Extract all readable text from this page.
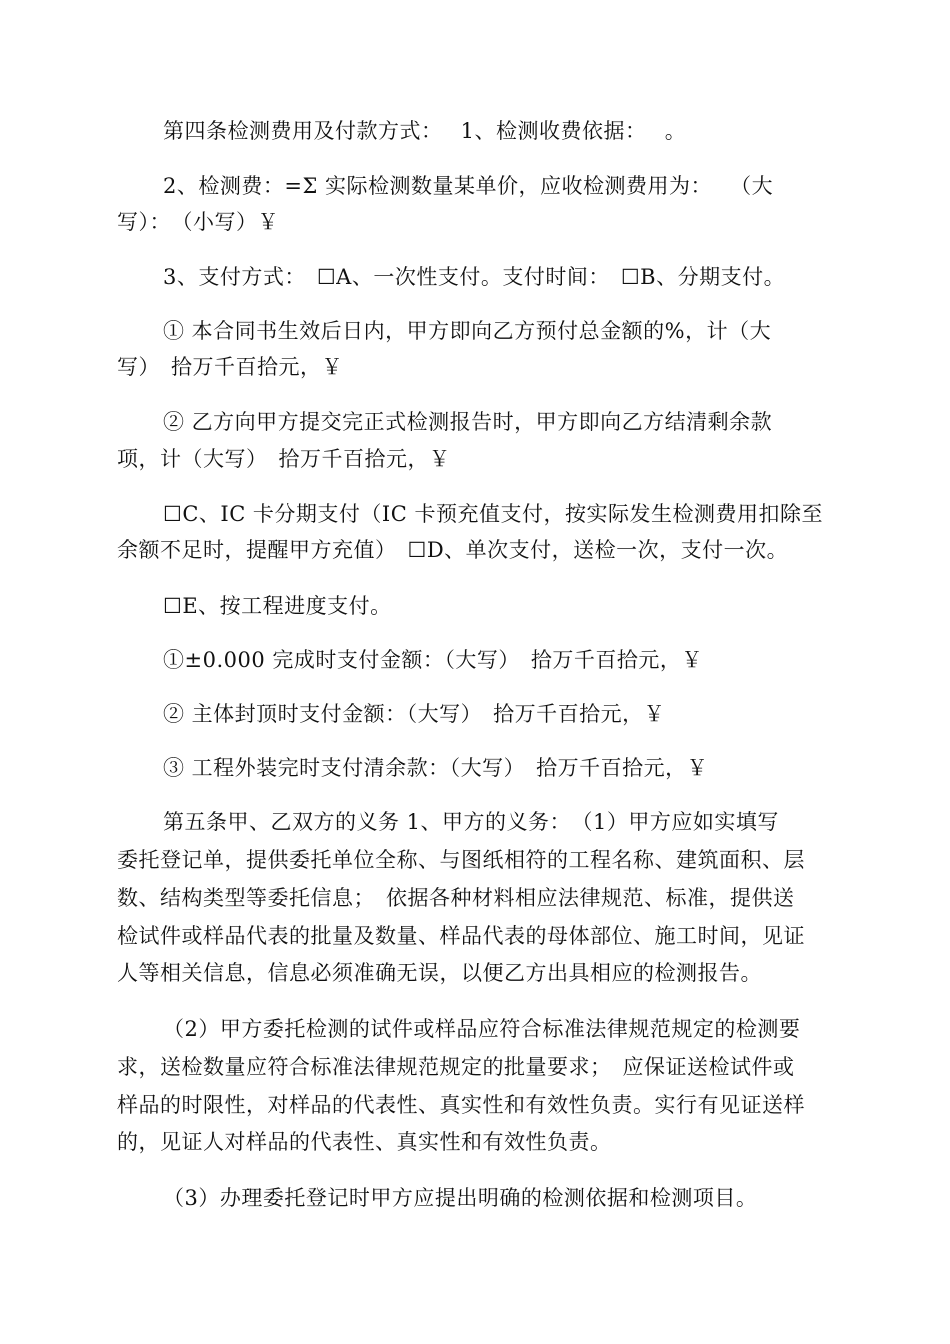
第四条检测费用及付款方式：　 1、检测收费依据：　 。
2、检测费：=Σ 实际检测数量某单价，应收检测费用为：　 （大
写）：　（小写）￥
3、支付方式：　☐A、一次性支付。支付时间：　☐B、分期支付。
① 本合同书生效后日内，甲方即向乙方预付总金额的%，计（大
写）　拾万千百拾元，￥
② 乙方向甲方提交完正式检测报告时，甲方即向乙方结清剩余款
项，计（大写）　拾万千百拾元，￥
☐C、IC 卡分期支付（IC 卡预充值支付，按实际发生检测费用扣除至
余额不足时，提醒甲方充值）　☐D、单次支付，送检一次，支付一次。
☐E、按工程进度支付。
①±0.000 完成时支付金额：（大写）　拾万千百拾元，￥
② 主体封顶时支付金额：（大写）　拾万千百拾元，￥
③ 工程外装完时支付清余款：（大写）　拾万千百拾元，￥
第五条甲、乙双方的义务 1、甲方的义务：　（1）甲方应如实填写
委托登记单，提供委托单位全称、与图纸相符的工程名称、建筑面积、层
数、结构类型等委托信息；　依据各种材料相应法律规范、标准，提供送
检试件或样品代表的批量及数量、样品代表的母体部位、施工时间，见证
人等相关信息，信息必须准确无误，以便乙方出具相应的检测报告。
（2）甲方委托检测的试件或样品应符合标准法律规范规定的检测要
求，送检数量应符合标准法律规范规定的批量要求；　应保证送检试件或
样品的时限性，对样品的代表性、真实性和有效性负责。实行有见证送样
的，见证人对样品的代表性、真实性和有效性负责。
（3）办理委托登记时甲方应提出明确的检测依据和检测项目。
